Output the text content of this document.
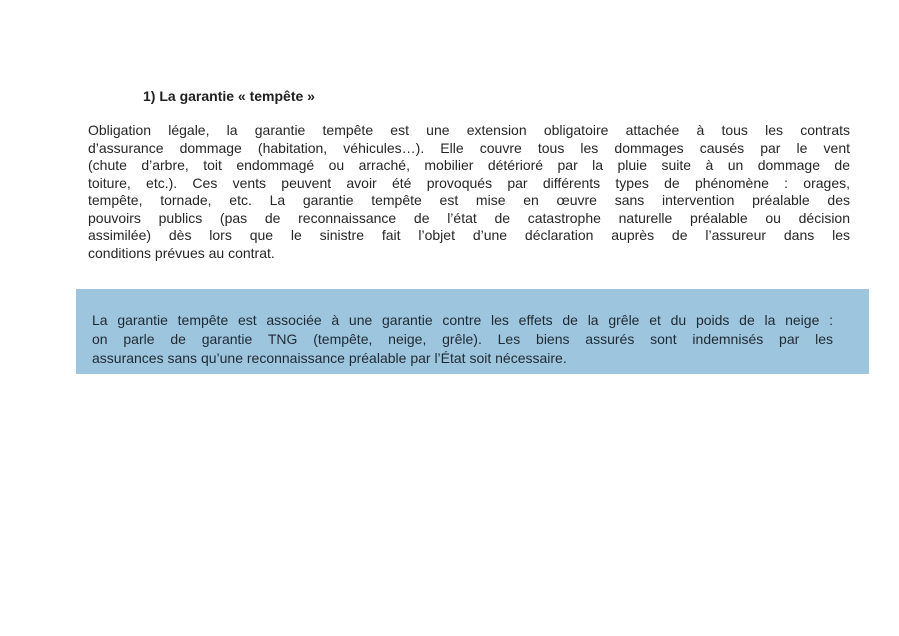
1) La garantie « tempête »

Obligation légale, la garantie tempête est une extension obligatoire attachée à tous les contrats
d’assurance dommage (habitation, véhicules…). Elle couvre tous les dommages causés par le vent
(chute d’arbre, toit endommagé ou arraché, mobilier détérioré par la pluie suite à un dommage de
toiture, etc.). Ces vents peuvent avoir été provoqués par différents types de phénomène : orages,
tempête, tornade, etc. La garantie tempête est mise en œuvre sans intervention préalable des
pouvoirs publics (pas de reconnaissance de l’état de catastrophe naturelle préalable ou décision
assimilée) dès lors que le sinistre fait l’objet d’une déclaration auprès de l’assureur dans les
conditions prévues au contrat.

La garantie tempête est associée à une garantie contre les effets de la grêle et du poids de la neige :
on parle de garantie TNG (tempête, neige, grêle). Les biens assurés sont indemnisés par les
assurances sans qu’une reconnaissance préalable par l’État soit nécessaire.
